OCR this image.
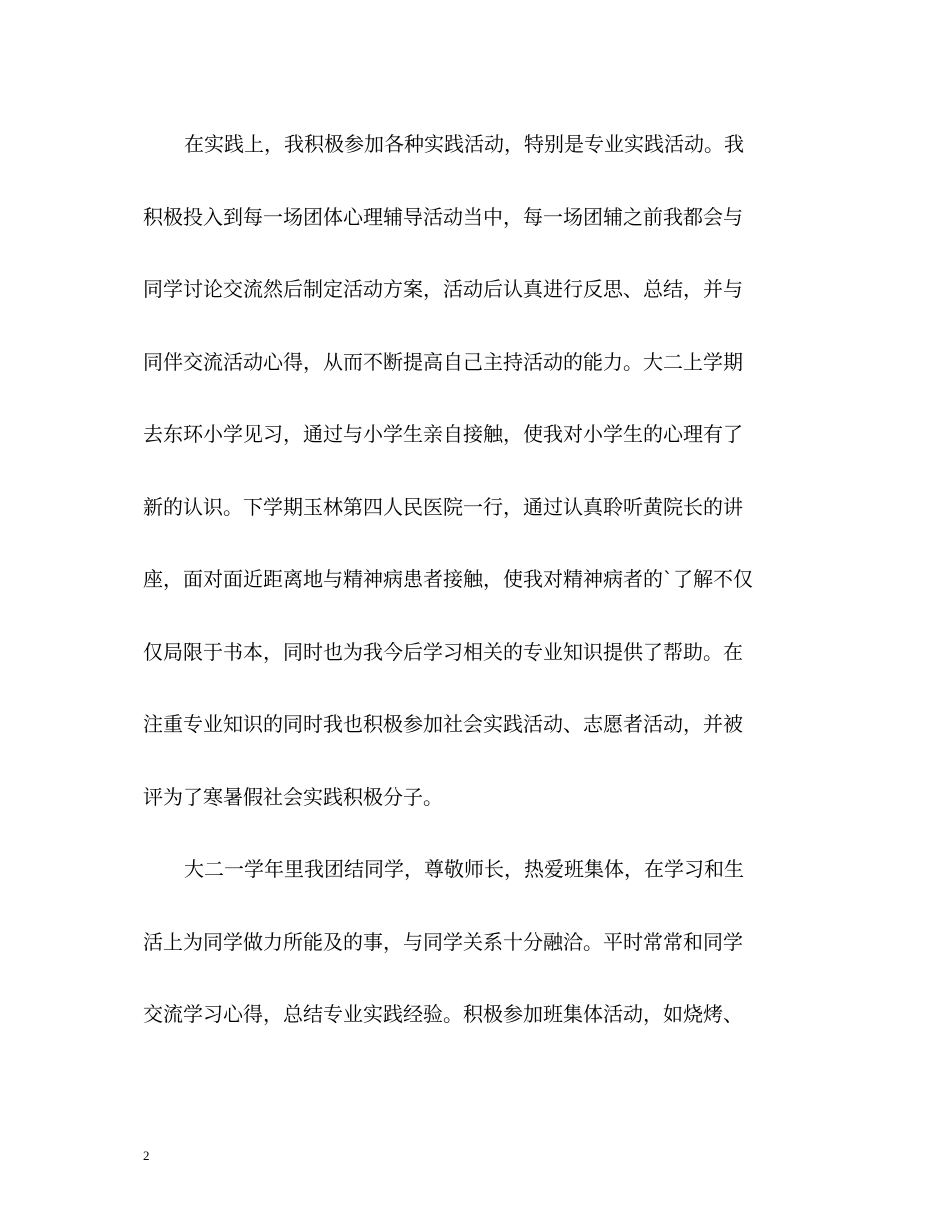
在实践上，我积极参加各种实践活动，特别是专业实践活动。我
积极投入到每一场团体心理辅导活动当中，每一场团辅之前我都会与
同学讨论交流然后制定活动方案，活动后认真进行反思、总结，并与
同伴交流活动心得，从而不断提高自己主持活动的能力。大二上学期
去东环小学见习，通过与小学生亲自接触，使我对小学生的心理有了
新的认识。下学期玉林第四人民医院一行，通过认真聆听黄院长的讲
座，面对面近距离地与精神病患者接触，使我对精神病者的`了解不仅
仅局限于书本，同时也为我今后学习相关的专业知识提供了帮助。在
注重专业知识的同时我也积极参加社会实践活动、志愿者活动，并被
评为了寒暑假社会实践积极分子。
大二一学年里我团结同学，尊敬师长，热爱班集体，在学习和生
活上为同学做力所能及的事，与同学关系十分融洽。平时常常和同学
交流学习心得，总结专业实践经验。积极参加班集体活动，如烧烤、
2
